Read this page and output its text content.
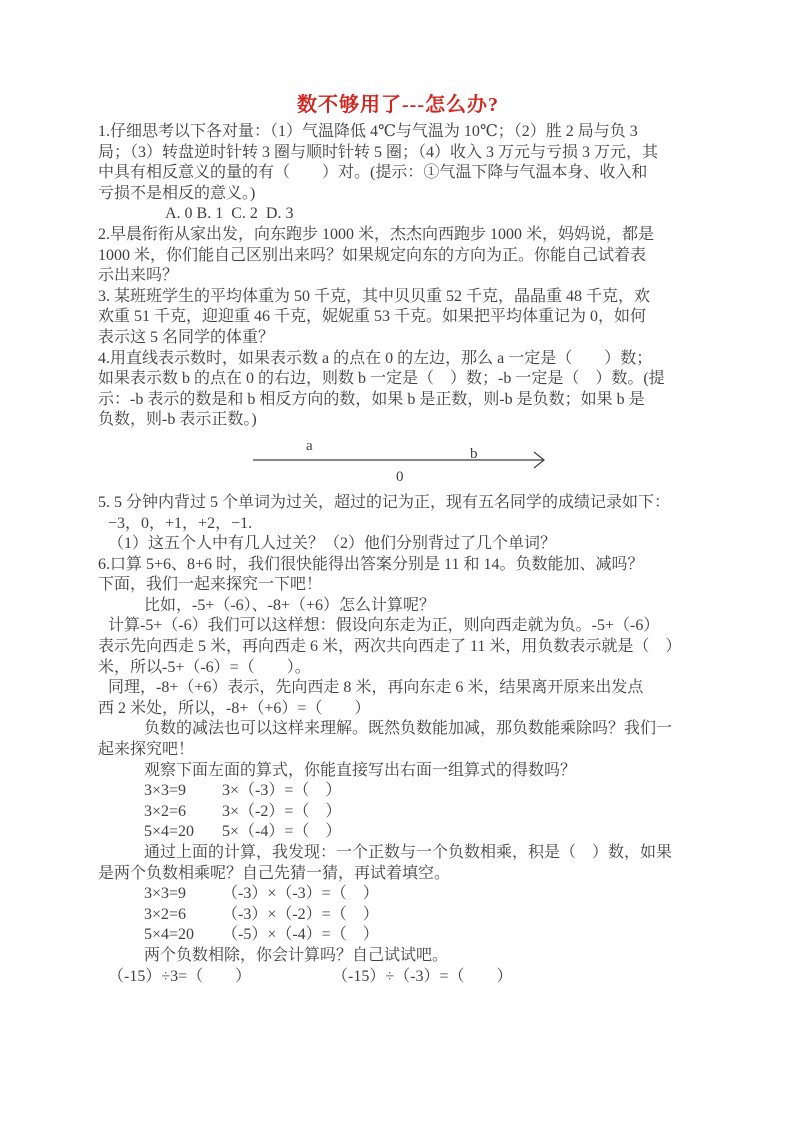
数不够用了---怎么办?
1.仔细思考以下各对量：（1）气温降低 4℃与气温为 10℃；（2）胜 2 局与负 3
局；（3）转盘逆时针转 3 圈与顺时针转 5 圈；（4）收入 3 万元与亏损 3 万元，其
中具有相反意义的量的有（　　）对。(提示：①气温下降与气温本身、收入和
亏损不是相反的意义。)
A. 0 B. 1  C. 2  D. 3
2.早晨衔衔从家出发，向东跑步 1000 米，杰杰向西跑步 1000 米，妈妈说，都是
1000 米，你们能自己区别出来吗？如果规定向东的方向为正。你能自己试着表
示出来吗？
3. 某班班学生的平均体重为 50 千克，其中贝贝重 52 千克，晶晶重 48 千克，欢
欢重 51 千克，迎迎重 46 千克，妮妮重 53 千克。如果把平均体重记为 0，如何
表示这 5 名同学的体重？
4.用直线表示数时，如果表示数 a 的点在 0 的左边，那么 a 一定是（　　）数；
如果表示数 b 的点在 0 的右边，则数 b 一定是（　）数；-b 一定是（　）数。(提
示：-b 表示的数是和 b 相反方向的数，如果 b 是正数，则-b 是负数；如果 b 是
负数，则-b 表示正数。)
a	b
0
5. 5 分钟内背过 5 个单词为过关，超过的记为正，现有五名同学的成绩记录如下：
−3，0，+1，+2，−1.
（1）这五个人中有几人过关？（2）他们分别背过了几个单词？
6.口算 5+6、8+6 时，我们很快能得出答案分别是 11 和 14。负数能加、减吗？
下面，我们一起来探究一下吧！
比如，-5+（-6）、-8+（+6）怎么计算呢？
计算-5+（-6）我们可以这样想：假设向东走为正，则向西走就为负。-5+（-6）
表示先向西走 5 米，再向西走 6 米，两次共向西走了 11 米，用负数表示就是（　）
米，所以-5+（-6）=（　　）。
同理，-8+（+6）表示，先向西走 8 米，再向东走 6 米，结果离开原来出发点
西 2 米处，所以，-8+（+6）=（　　）
负数的减法也可以这样来理解。既然负数能加减，那负数能乘除吗？我们一
起来探究吧！
观察下面左面的算式，你能直接写出右面一组算式的得数吗？
3×3=9 3×（-3）=（　）
3×2=6 3×（-2）=（　）
5×4=20 5×（-4）=（　）
通过上面的计算，我发现：一个正数与一个负数相乘，积是（　）数，如果
是两个负数相乘呢？自己先猜一猜，再试着填空。
3×3=9 （-3）×（-3）=（　）
3×2=6 （-3）×（-2）=（　）
5×4=20 （-5）×（-4）=（　）
两个负数相除，你会计算吗？自己试试吧。
（-15）÷3=（　　）	（-15）÷（-3）=（　　）
